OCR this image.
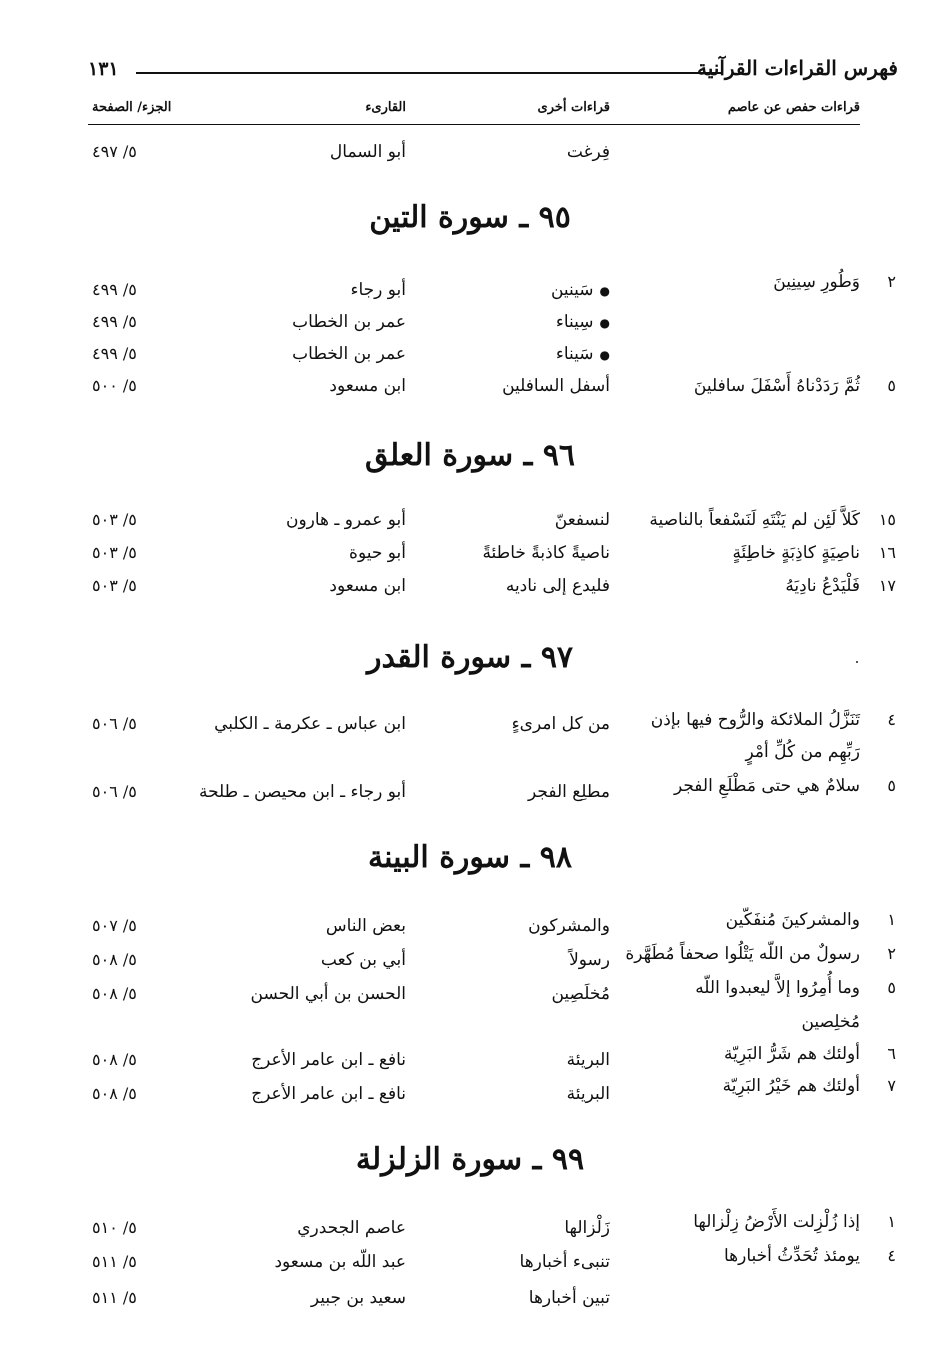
فهرس القراءات القرآنية
١٣١
قراءات حفص عن عاصم
قراءات أخرى
القارىء
الجزء/ الصفحة
فِرغت
أبو السمال
٥/ ٤٩٧
٩٥ ـ سورة التين
٢
وَطُورِ سِينِينَ
●سَينين
أبو رجاء
٥/ ٤٩٩
●سِيناء
عمر بن الخطاب
٥/ ٤٩٩
●سَيناء
عمر بن الخطاب
٥/ ٤٩٩
٥
ثُمَّ رَدَدْناهُ أَسْفَلَ سافلينَ
أسفل السافلين
ابن مسعود
٥/ ٥٠٠
٩٦ ـ سورة العلق
١٥
كَلاَّ لَئِن لم يَنْتَهِ لَنَسْفعاً بالناصية
لنسفعنّ
أبو عمرو ـ هارون
٥/ ٥٠٣
١٦
ناصِيَةٍ كاذِبَةٍ خاطِئَةٍ
ناصيةً كاذبةً خاطئةً
أبو حيوة
٥/ ٥٠٣
١٧
فَلْيَدْعُ نادِيَهُ
فليدع إلى ناديه
ابن مسعود
٥/ ٥٠٣
٩٧ ـ سورة القدر
٤
تَنَزَّلُ الملائكة والرُّوح فيها بإذن
رَبِّهِم من كُلِّ أمْرٍ
من كل امرىءٍ
ابن عباس ـ عكرمة ـ الكلبي
٥/ ٥٠٦
٥
سلامٌ هي حتى مَطْلَعِ الفجر
مطلِع الفجر
أبو رجاء ـ ابن محيصن ـ طلحة
٥/ ٥٠٦
٩٨ ـ سورة البينة
١
والمشركينَ مُنفَكّين
والمشركون
بعض الناس
٥/ ٥٠٧
٢
رسولٌ من اللّه يَتْلُوا صحفاً مُطَهَّرة
رسولاً
أبي بن كعب
٥/ ٥٠٨
٥
وما أُمِرُوا إلاَّ ليعبدوا اللّه
مُخلِصين
مُخلَصِين
الحسن بن أبي الحسن
٥/ ٥٠٨
٦
أولئك هم شَرُّ البَرِيّة
البريئة
نافع ـ ابن عامر الأعرج
٥/ ٥٠٨
٧
أولئك هم خَيْرُ البَرِيّة
البريئة
نافع ـ ابن عامر الأعرج
٥/ ٥٠٨
٩٩ ـ سورة الزلزلة
١
إذا زُلْزِلت الأَرْضُ زِلْزالها
زَلْزالها
عاصم الجحدري
٥/ ٥١٠
٤
يومئذ تُحَدِّثُ أخبارها
تنبىء أخبارها
عبد اللّه بن مسعود
٥/ ٥١١
تبين أخبارها
سعيد بن جبير
٥/ ٥١١
